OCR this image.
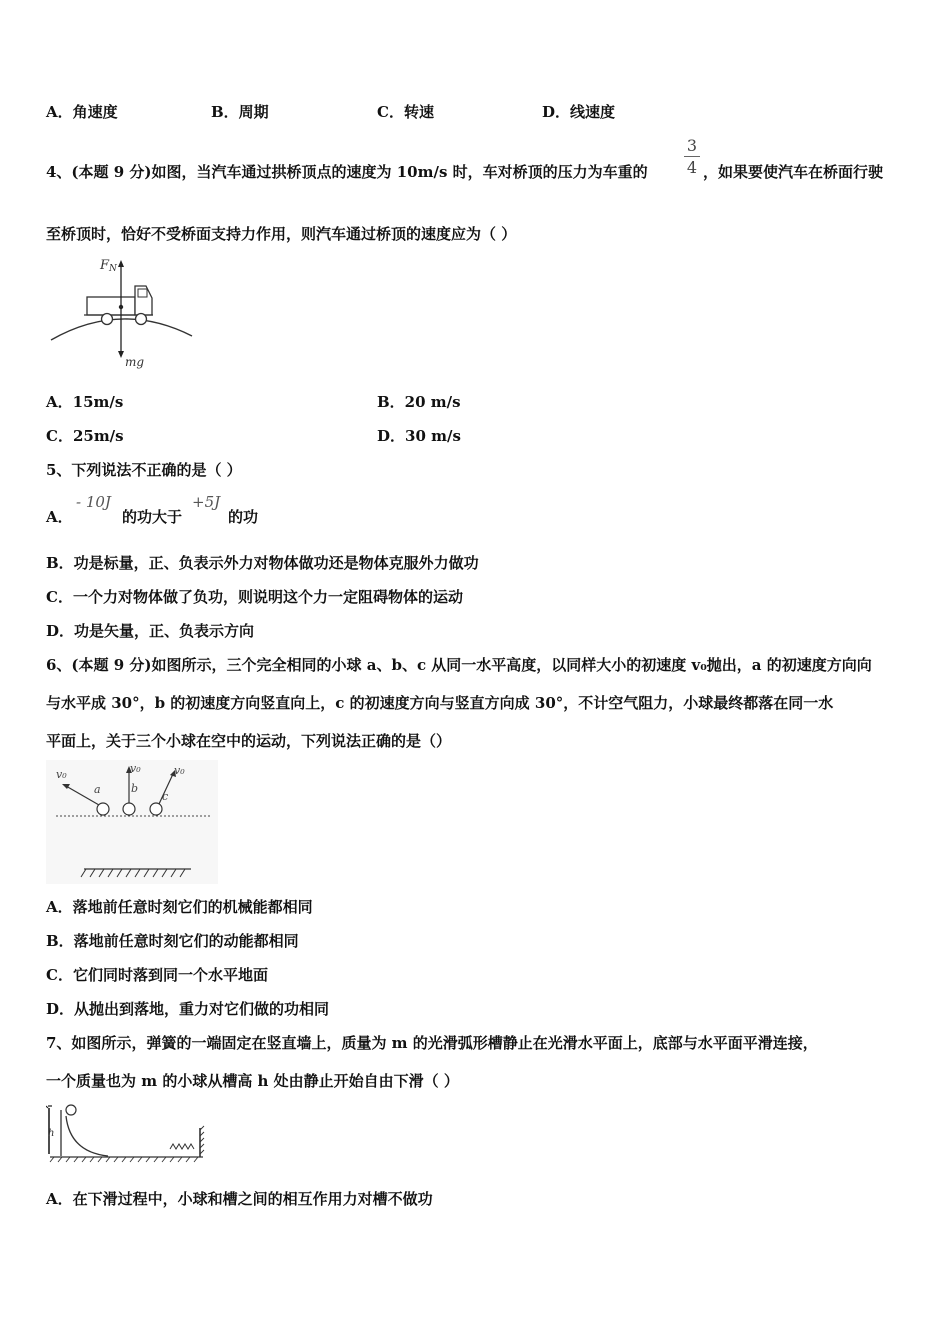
A．角速度	B．周期	C．转速	D．线速度
4、(本题 9 分)如图，当汽车通过拱桥顶点的速度为 10m/s 时，车对桥顶的压力为车重的
3
4 ，如果要使汽车在桥面行驶
至桥顶时，恰好不受桥面支持力作用，则汽车通过桥顶的速度应为（ ）
FN
mg
A．15m/s	B．20 m/s
C．25m/s	D．30 m/s
5、下列说法不正确的是（ ）
A．
- 10J
的功大于
+5J
的功
B．功是标量，正、负表示外力对物体做功还是物体克服外力做功
C．一个力对物体做了负功，则说明这个力一定阻碍物体的运动
D．功是矢量，正、负表示方向
6、(本题 9 分)如图所示，三个完全相同的小球 a、b、c 从同一水平高度，以同样大小的初速度 v₀抛出，a 的初速度方向向
与水平成 30°，b 的初速度方向竖直向上，c 的初速度方向与竖直方向成 30°，不计空气阻力，小球最终都落在同一水
平面上，关于三个小球在空中的运动，下列说法正确的是（）
v₀	v₀	v₀
a	b
c
A．落地前任意时刻它们的机械能都相同
B．落地前任意时刻它们的动能都相同
C．它们同时落到同一个水平地面
D．从抛出到落地，重力对它们做的功相同
7、如图所示，弹簧的一端固定在竖直墙上，质量为 m 的光滑弧形槽静止在光滑水平面上，底部与水平面平滑连接，
一个质量也为 m 的小球从槽高 h 处由静止开始自由下滑（ ）
h
A．在下滑过程中，小球和槽之间的相互作用力对槽不做功
